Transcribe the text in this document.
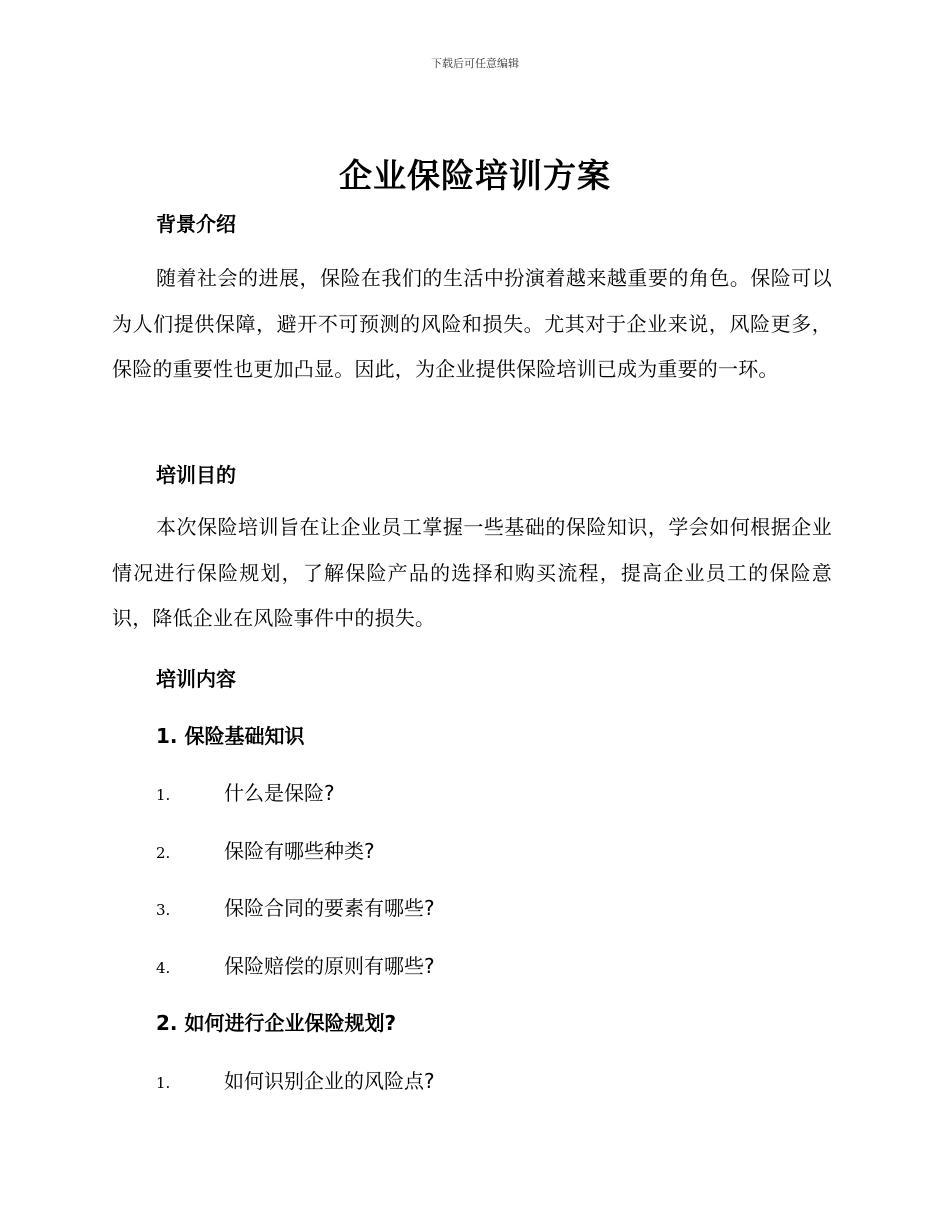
下载后可任意编辑
企业保险培训方案
背景介绍

随着社会的进展，保险在我们的生活中扮演着越来越重要的角色。保险可以为人们提供保障，避开不可预测的风险和损失。尤其对于企业来说，风险更多，保险的重要性也更加凸显。因此，为企业提供保险培训已成为重要的一环。

培训目的

本次保险培训旨在让企业员工掌握一些基础的保险知识，学会如何根据企业情况进行保险规划，了解保险产品的选择和购买流程，提高企业员工的保险意识，降低企业在风险事件中的损失。

培训内容
1. 保险基础知识
1.	什么是保险?
2.	保险有哪些种类?
3.	保险合同的要素有哪些?
4.	保险赔偿的原则有哪些?
2. 如何进行企业保险规划?
1.	如何识别企业的风险点?
